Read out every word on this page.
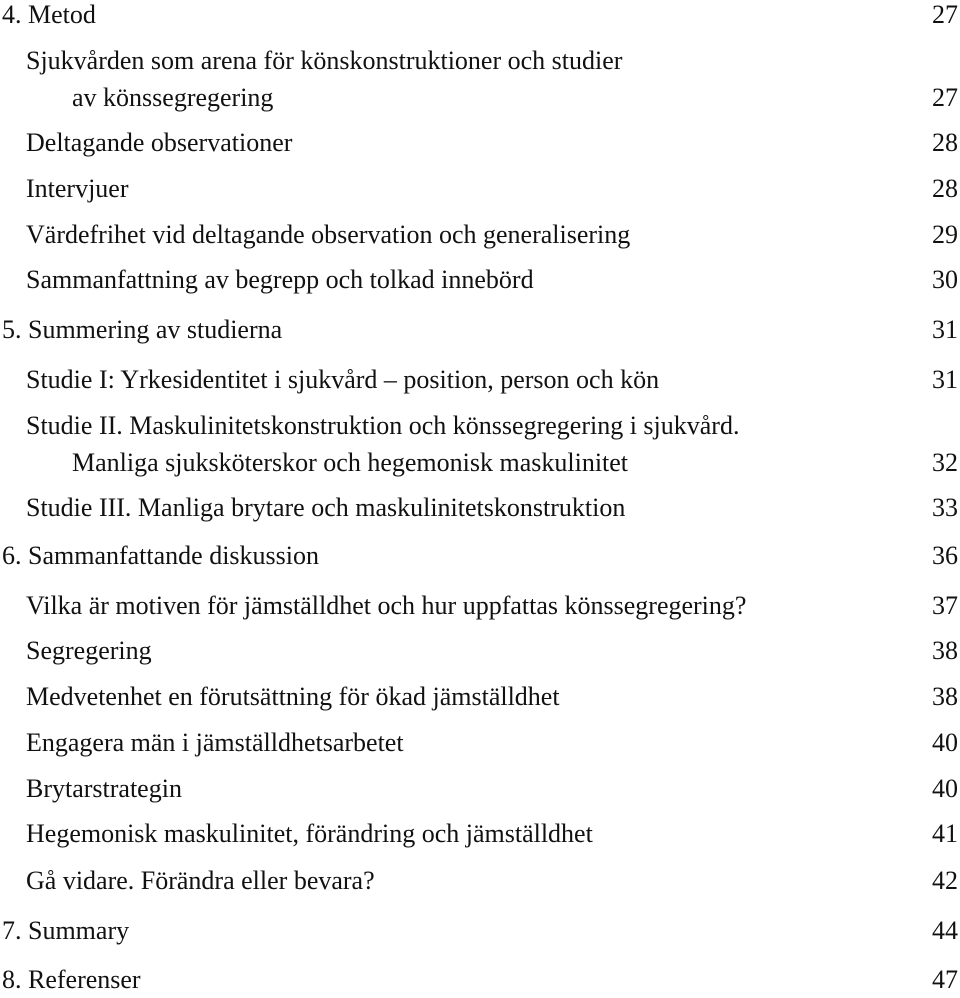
4. Metod	27
Sjukvården som arena för könskonstruktioner och studier
av könssegregering	27
Deltagande observationer	28
Intervjuer	28
Värdefrihet vid deltagande observation och generalisering	29
Sammanfattning av begrepp och tolkad innebörd	30
5. Summering av studierna	31
Studie I: Yrkesidentitet i sjukvård – position, person och kön	31
Studie II. Maskulinitetskonstruktion och könssegregering i sjukvård.
Manliga sjuksköterskor och hegemonisk maskulinitet	32
Studie III. Manliga brytare och maskulinitetskonstruktion	33
6. Sammanfattande diskussion	36
Vilka är motiven för jämställdhet och hur uppfattas könssegregering?	37
Segregering	38
Medvetenhet en förutsättning för ökad jämställdhet	38
Engagera män i jämställdhetsarbetet	40
Brytarstrategin	40
Hegemonisk maskulinitet, förändring och jämställdhet	41
Gå vidare. Förändra eller bevara?	42
7. Summary	44
8. Referenser	47
